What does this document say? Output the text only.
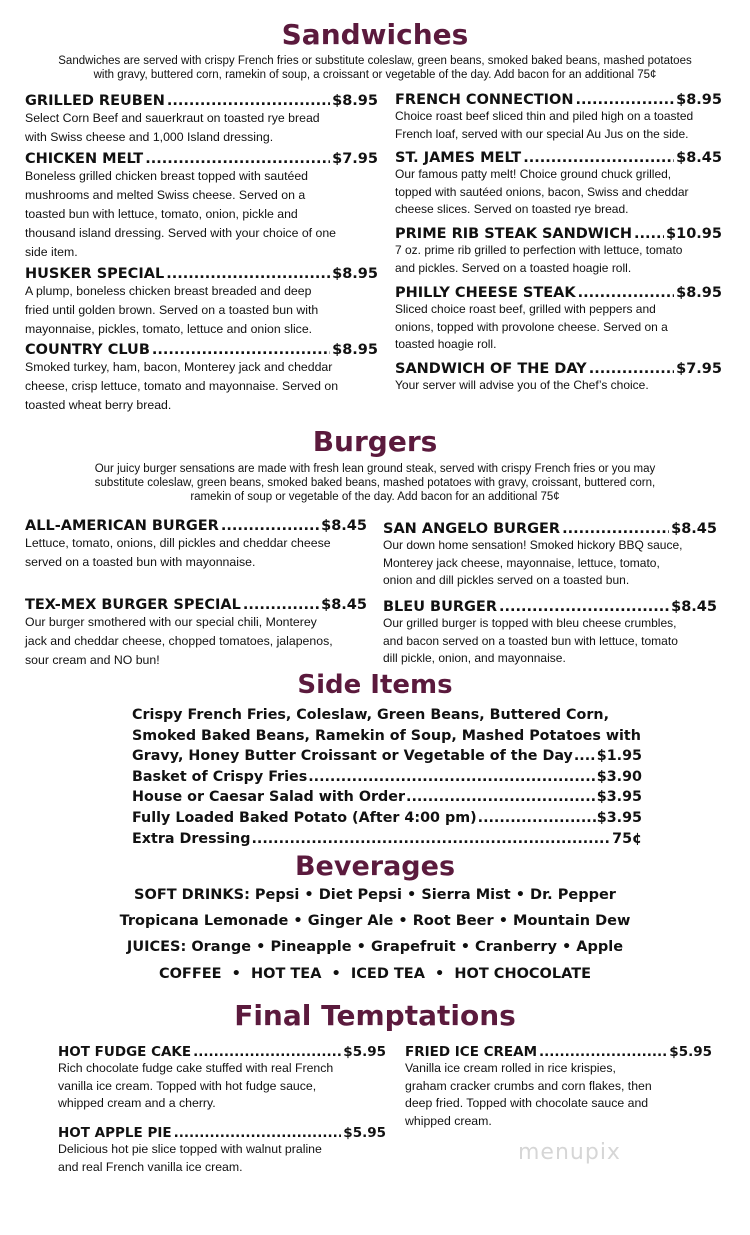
Sandwiches

Sandwiches are served with crispy French fries or substitute coleslaw, green beans, smoked baked beans, mashed potatoes
with gravy, buttered corn, ramekin of soup, a croissant or vegetable of the day. Add bacon for an additional 75¢

GRILLED REUBEN .....	$8.95

Select Corn Beef and sauerkraut on toasted rye bread
with Swiss cheese and 1,000 Island dressing.

CHICKEN MELT .....	$7.95

Boneless grilled chicken breast topped with sautéed
mushrooms and melted Swiss cheese. Served on a
toasted bun with lettuce, tomato, onion, pickle and
thousand island dressing. Served with your choice of one
side item.

HUSKER SPECIAL .....	$8.95

A plump, boneless chicken breast breaded and deep
fried until golden brown. Served on a toasted bun with
mayonnaise, pickles, tomato, lettuce and onion slice.

COUNTRY CLUB .....	$8.95

Smoked turkey, ham, bacon, Monterey jack and cheddar
cheese, crisp lettuce, tomato and mayonnaise. Served on
toasted wheat berry bread.

FRENCH CONNECTION .....	$8.95

Choice roast beef sliced thin and piled high on a toasted
French loaf, served with our special Au Jus on the side.

ST. JAMES MELT .....	$8.45

Our famous patty melt! Choice ground chuck grilled,
topped with sautéed onions, bacon, Swiss and cheddar
cheese slices. Served on toasted rye bread.

PRIME RIB STEAK SANDWICH ..... $10.95

7 oz. prime rib grilled to perfection with lettuce, tomato
and pickles. Served on a toasted hoagie roll.

PHILLY CHEESE STEAK .....	$8.95

Sliced choice roast beef, grilled with peppers and
onions, topped with provolone cheese. Served on a
toasted hoagie roll.

SANDWICH OF THE DAY .....	$7.95

Your server will advise you of the Chef’s choice.

Burgers

Our juicy burger sensations are made with fresh lean ground steak, served with crispy French fries or you may
substitute coleslaw, green beans, smoked baked beans, mashed potatoes with gravy, croissant, buttered corn,
ramekin of soup or vegetable of the day. Add bacon for an additional 75¢

ALL-AMERICAN BURGER .....	$8.45

Lettuce, tomato, onions, dill pickles and cheddar cheese
served on a toasted bun with mayonnaise.

TEX-MEX BURGER SPECIAL .....	$8.45

Our burger smothered with our special chili, Monterey
jack and cheddar cheese, chopped tomatoes, jalapenos,
sour cream and NO bun!

SAN ANGELO BURGER .....	$8.45

Our down home sensation! Smoked hickory BBQ sauce,
Monterey jack cheese, mayonnaise, lettuce, tomato,
onion and dill pickles served on a toasted bun.

BLEU BURGER .....	$8.45

Our grilled burger is topped with bleu cheese crumbles,
and bacon served on a toasted bun with lettuce, tomato
dill pickle, onion, and mayonnaise.

Side Items
Crispy French Fries, Coleslaw, Green Beans, Buttered Corn,
Smoked Baked Beans, Ramekin of Soup, Mashed Potatoes with
Gravy, Honey Butter Croissant or Vegetable of the Day ..... $1.95
Basket of Crispy Fries .....	$3.90
House or Caesar Salad with Order .....	$3.95
Fully Loaded Baked Potato (After 4:00 pm) .....	$3.95
Extra Dressing .....	75¢
Beverages

SOFT DRINKS: Pepsi • Diet Pepsi • Sierra Mist • Dr. Pepper

Tropicana Lemonade • Ginger Ale • Root Beer • Mountain Dew

JUICES: Orange • Pineapple • Grapefruit • Cranberry • Apple

COFFEE  •  HOT TEA  •  ICED TEA  •  HOT CHOCOLATE

Final Temptations
HOT FUDGE CAKE .....	$5.95

Rich chocolate fudge cake stuffed with real French
vanilla ice cream. Topped with hot fudge sauce,
whipped cream and a cherry.

HOT APPLE PIE .....	$5.95

Delicious hot pie slice topped with walnut praline
and real French vanilla ice cream.

FRIED ICE CREAM .....	$5.95

Vanilla ice cream rolled in rice krispies,
graham cracker crumbs and corn flakes, then
deep fried. Topped with chocolate sauce and
whipped cream.

menupix
